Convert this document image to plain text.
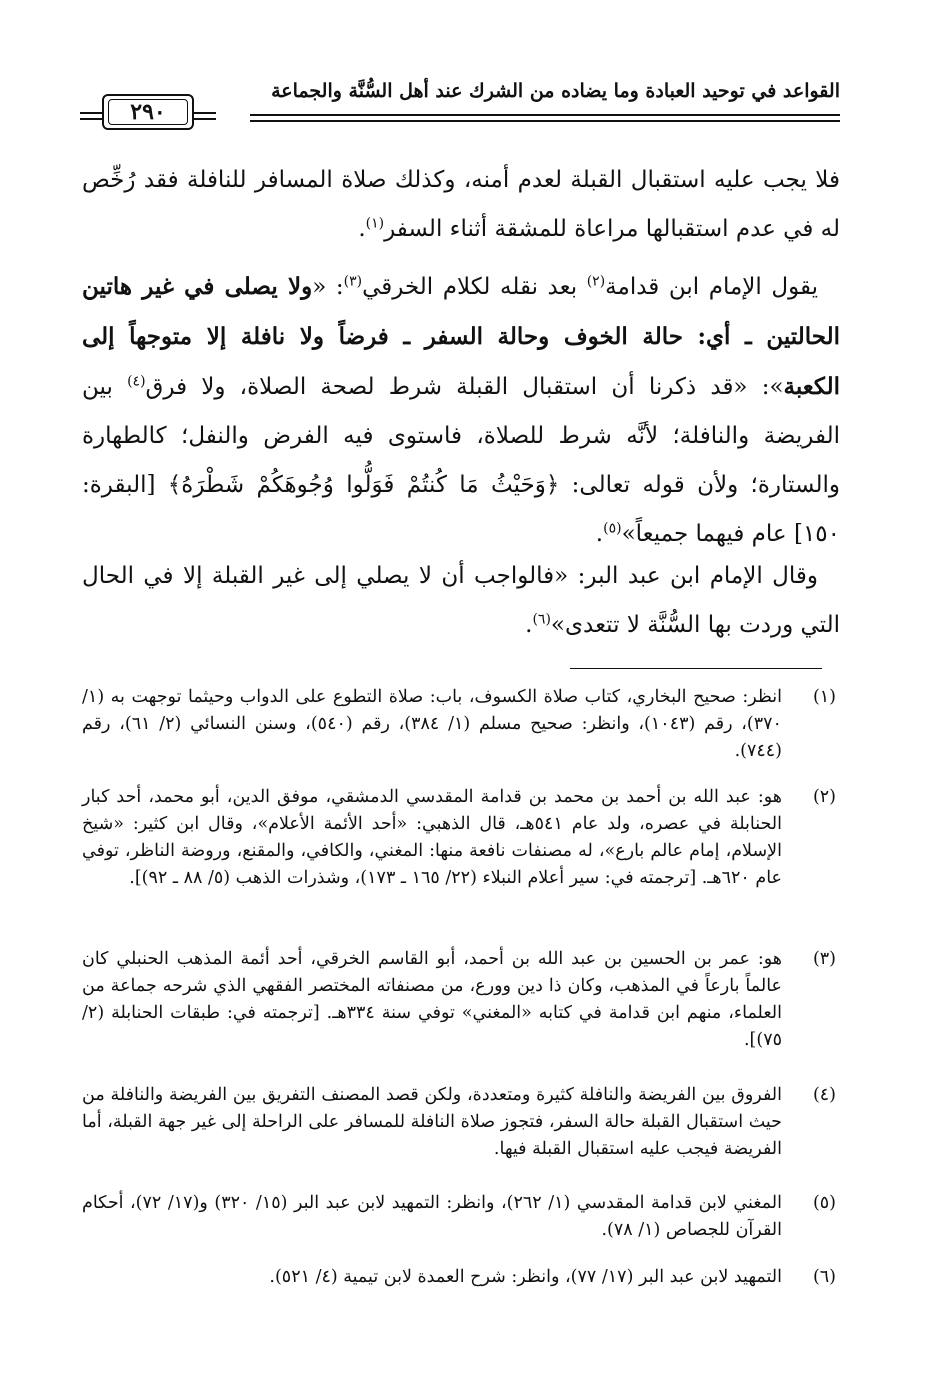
القواعد في توحيد العبادة وما يضاده من الشرك عند أهل السُّنَّة والجماعة
٢٩٠

فلا يجب عليه استقبال القبلة لعدم أمنه، وكذلك صلاة المسافر للنافلة فقد رُخِّص له في عدم استقبالها مراعاة للمشقة أثناء السفر$^{(١)}$.

يقول الإمام ابن قدامة$^{(٢)}$ بعد نقله لكلام الخرقي$^{(٣)}$: «ولا يصلى في غير هاتين الحالتين ـ أي: حالة الخوف وحالة السفر ـ فرضاً ولا نافلة إلا متوجهاً إلى الكعبة»: «قد ذكرنا أن استقبال القبلة شرط لصحة الصلاة، ولا فرق$^{(٤)}$ بين الفريضة والنافلة؛ لأنَّه شرط للصلاة، فاستوى فيه الفرض والنفل؛ كالطهارة والستارة؛ ولأن قوله تعالى: ﴿وَحَيْثُ مَا كُنتُمْ فَوَلُّوا وُجُوهَكُمْ شَطْرَهُ﴾ [البقرة: ١٥٠] عام فيهما جميعاً»$^{(٥)}$.

وقال الإمام ابن عبد البر: «فالواجب أن لا يصلي إلى غير القبلة إلا في الحال التي وردت بها السُّنَّة لا تتعدى»$^{(٦)}$.

(١)
انظر: صحيح البخاري، كتاب صلاة الكسوف، باب: صلاة التطوع على الدواب وحيثما توجهت به (١/ ٣٧٠)، رقم (١٠٤٣)، وانظر: صحيح مسلم (١/ ٣٨٤)، رقم (٥٤٠)، وسنن النسائي (٢/ ٦١)، رقم (٧٤٤).
(٢)
هو: عبد الله بن أحمد بن محمد بن قدامة المقدسي الدمشقي، موفق الدين، أبو محمد، أحد كبار الحنابلة في عصره، ولد عام ٥٤١هـ، قال الذهبي: «أحد الأئمة الأعلام»، وقال ابن كثير: «شيخ الإسلام، إمام عالم بارع»، له مصنفات نافعة منها: المغني، والكافي، والمقنع، وروضة الناظر، توفي عام ٦٢٠هـ. [ترجمته في: سير أعلام النبلاء (٢٢/ ١٦٥ ـ ١٧٣)، وشذرات الذهب (٥/ ٨٨ ـ ٩٢)].
(٣)
هو: عمر بن الحسين بن عبد الله بن أحمد، أبو القاسم الخرقي، أحد أئمة المذهب الحنبلي كان عالماً بارعاً في المذهب، وكان ذا دين وورع، من مصنفاته المختصر الفقهي الذي شرحه جماعة من العلماء، منهم ابن قدامة في كتابه «المغني» توفي سنة ٣٣٤هـ. [ترجمته في: طبقات الحنابلة (٢/ ٧٥)].
(٤)
الفروق بين الفريضة والنافلة كثيرة ومتعددة، ولكن قصد المصنف التفريق بين الفريضة والنافلة من حيث استقبال القبلة حالة السفر، فتجوز صلاة النافلة للمسافر على الراحلة إلى غير جهة القبلة، أما الفريضة فيجب عليه استقبال القبلة فيها.
(٥)
المغني لابن قدامة المقدسي (١/ ٢٦٢)، وانظر: التمهيد لابن عبد البر (١٥/ ٣٢٠) و(١٧/ ٧٢)، أحكام القرآن للجصاص (١/ ٧٨).
(٦)
التمهيد لابن عبد البر (١٧/ ٧٧)، وانظر: شرح العمدة لابن تيمية (٤/ ٥٢١).
